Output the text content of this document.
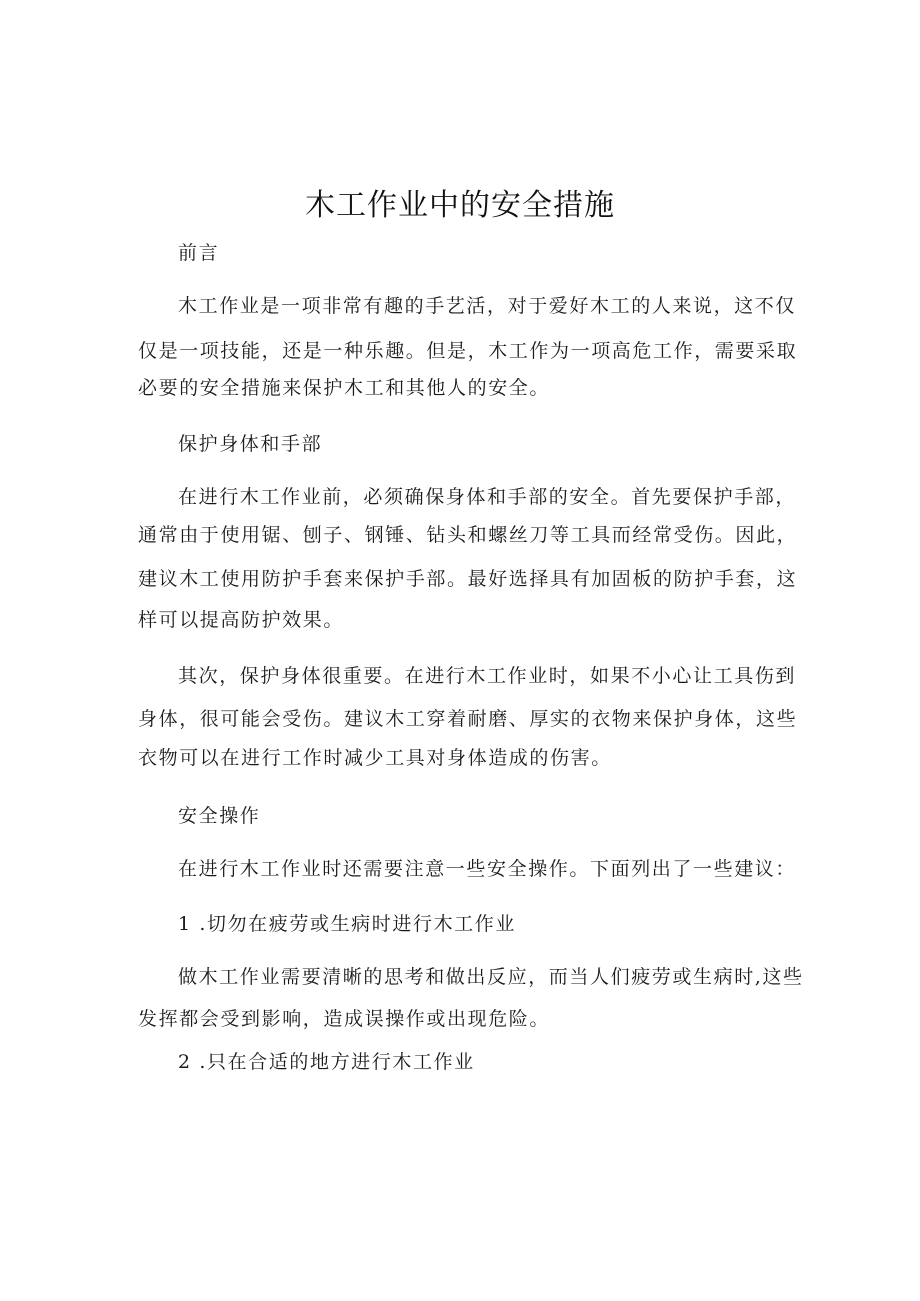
木工作业中的安全措施
前言
木工作业是一项非常有趣的手艺活，对于爱好木工的人来说，这不仅
仅是一项技能，还是一种乐趣。但是，木工作为一项高危工作，需要采取
必要的安全措施来保护木工和其他人的安全。
保护身体和手部
在进行木工作业前，必须确保身体和手部的安全。首先要保护手部，
通常由于使用锯、刨子、钢锤、钻头和螺丝刀等工具而经常受伤。因此，
建议木工使用防护手套来保护手部。最好选择具有加固板的防护手套，这
样可以提高防护效果。
其次，保护身体很重要。在进行木工作业时，如果不小心让工具伤到
身体，很可能会受伤。建议木工穿着耐磨、厚实的衣物来保护身体，这些
衣物可以在进行工作时减少工具对身体造成的伤害。
安全操作
在进行木工作业时还需要注意一些安全操作。下面列出了一些建议：
1 .切勿在疲劳或生病时进行木工作业
做木工作业需要清晰的思考和做出反应，而当人们疲劳或生病时,这些
发挥都会受到影响，造成误操作或出现危险。
2 .只在合适的地方进行木工作业
